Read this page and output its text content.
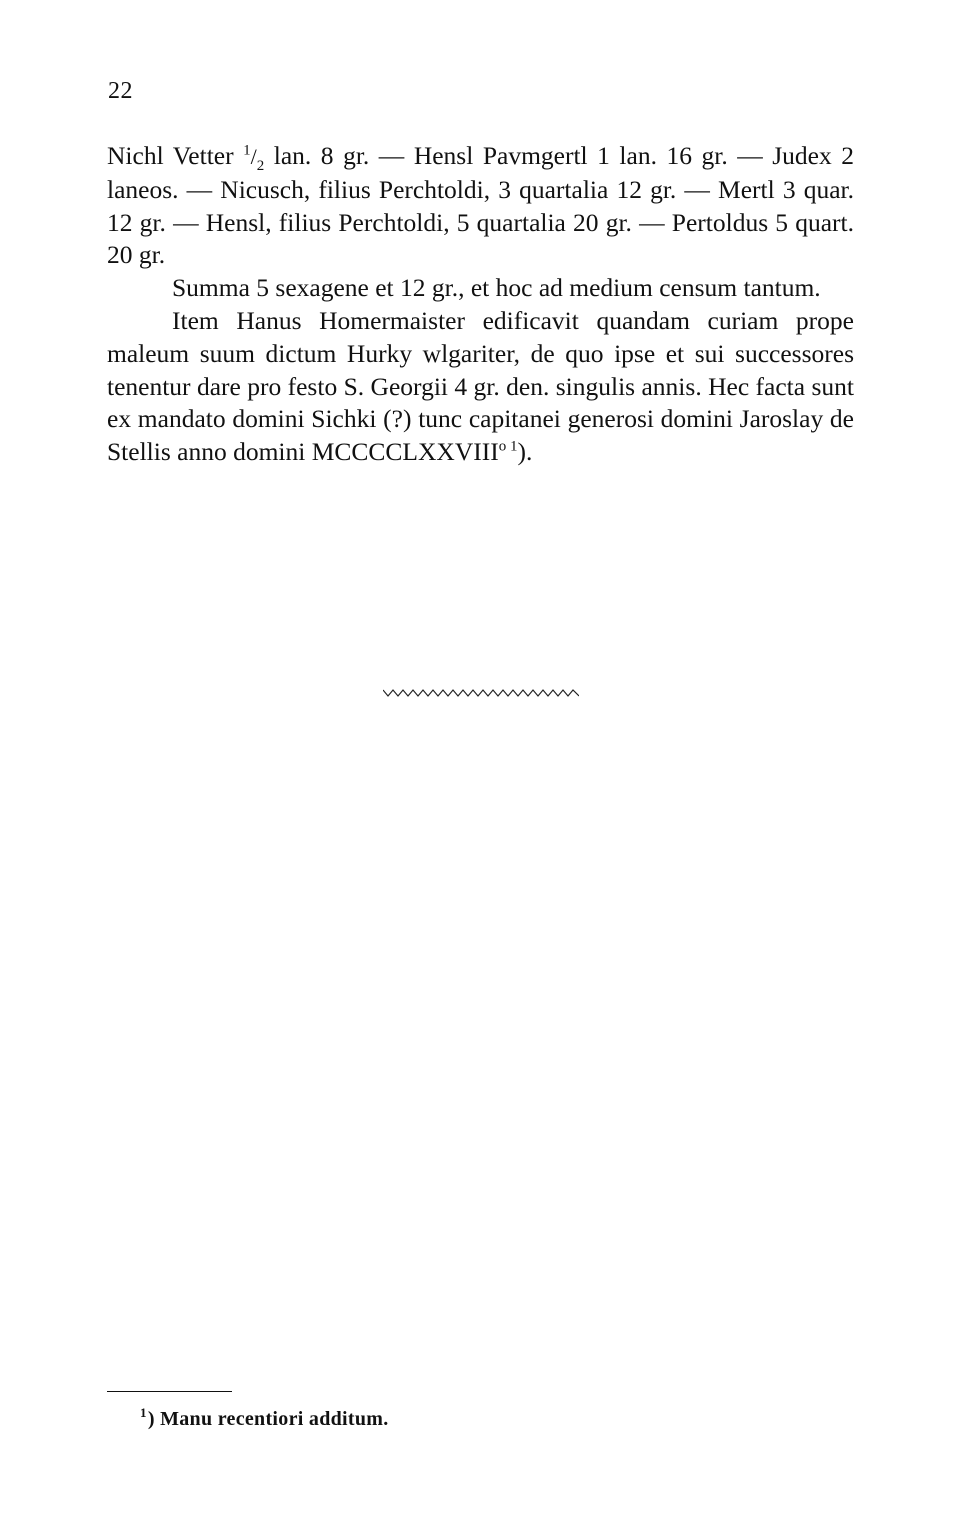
22

Nichl Vetter $^1/_2$ lan. 8 gr. — Hensl Pavmgertl 1 lan. 16 gr. — Judex 2 laneos. — Nicusch, filius Perchtoldi, 3 quartalia 12 gr. — Mertl 3 quar. 12 gr. — Hensl, filius Perchtoldi, 5 quartalia 20 gr. — Pertoldus 5 quart. 20 gr.

Summa 5 sexagene et 12 gr., et hoc ad medium censum tantum.

Item Hanus Homermaister edificavit quandam curiam prope maleum suum dictum Hurky wlgariter, de quo ipse et sui successores tenentur dare pro festo S. Georgii 4 gr. den. singulis annis. Hec facta sunt ex mandato domini Sichki (?) tunc capitanei generosi domini Jaroslay de Stellis anno domini $MCCCCLXXVIII^{o 1}$).

$^1$) Manu recentiori additum.
